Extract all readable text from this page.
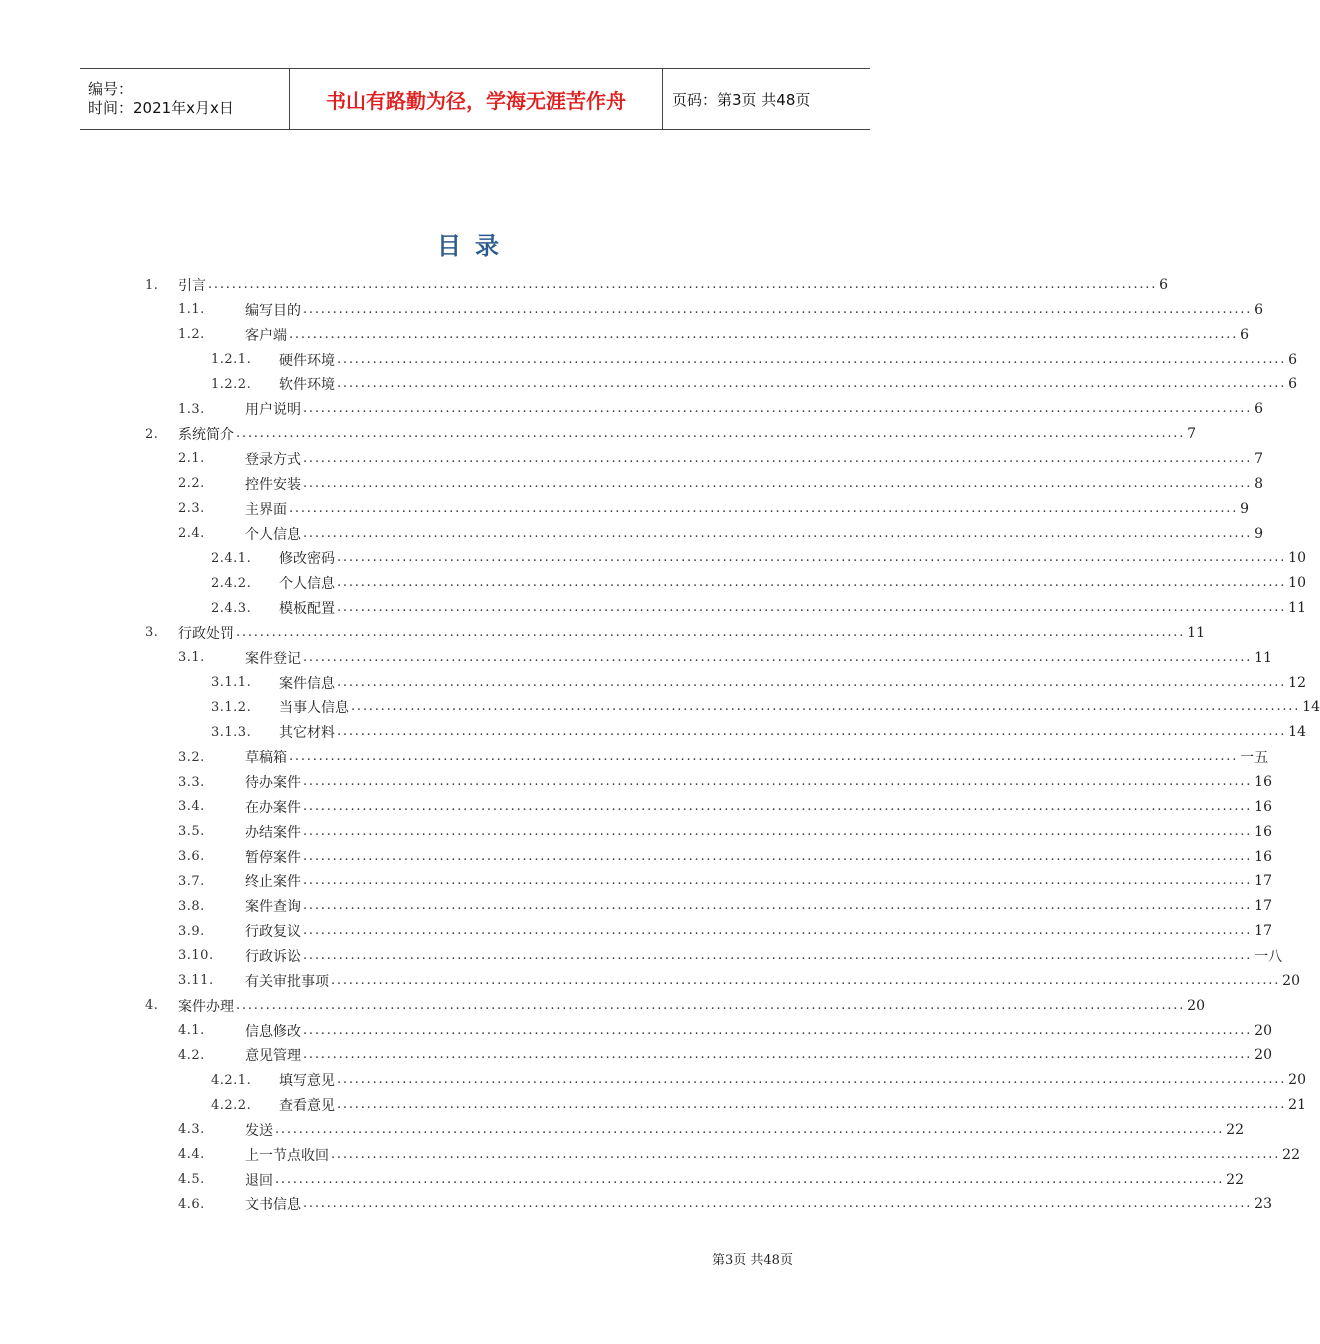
编号：
时间：2021年x月x日	书山有路勤为径，学海无涯苦作舟	页码：第3页 共48页
目录
1. 引言 ................................................................................................................................................................ 6
1.1.	编写目的 ................................................................................................................................................................ 6
1.2.	客户端 ................................................................................................................................................................ 6
1.2.1. 硬件环境 ................................................................................................................................................................ 6
1.2.2. 软件环境 ................................................................................................................................................................ 6
1.3.	用户说明 ................................................................................................................................................................ 6
2. 系统简介 ................................................................................................................................................................ 7
2.1.	登录方式 ................................................................................................................................................................ 7
2.2.	控件安装 ................................................................................................................................................................ 8
2.3.	主界面 ................................................................................................................................................................ 9
2.4.	个人信息 ................................................................................................................................................................ 9
2.4.1. 修改密码 ................................................................................................................................................................ 10
2.4.2. 个人信息 ................................................................................................................................................................ 10
2.4.3. 模板配置 ................................................................................................................................................................ 11
3. 行政处罚 ................................................................................................................................................................ 11
3.1.	案件登记 ................................................................................................................................................................ 11
3.1.1. 案件信息 ................................................................................................................................................................ 12
3.1.2. 当事人信息 ................................................................................................................................................................ 14
3.1.3. 其它材料 ................................................................................................................................................................ 14
3.2.	草稿箱 ................................................................................................................................................................ 一五
3.3.	待办案件 ................................................................................................................................................................ 16
3.4.	在办案件 ................................................................................................................................................................ 16
3.5.	办结案件 ................................................................................................................................................................ 16
3.6.	暂停案件 ................................................................................................................................................................ 16
3.7.	终止案件 ................................................................................................................................................................ 17
3.8.	案件查询 ................................................................................................................................................................ 17
3.9.	行政复议 ................................................................................................................................................................ 17
3.10. 行政诉讼 ................................................................................................................................................................ 一八
3.11. 有关审批事项 ................................................................................................................................................................ 20
4. 案件办理 ................................................................................................................................................................ 20
4.1.	信息修改 ................................................................................................................................................................ 20
4.2.	意见管理 ................................................................................................................................................................ 20
4.2.1. 填写意见 ................................................................................................................................................................ 20
4.2.2. 查看意见 ................................................................................................................................................................ 21
4.3.	发送 ................................................................................................................................................................ 22
4.4.	上一节点收回 ................................................................................................................................................................ 22
4.5.	退回 ................................................................................................................................................................ 22
4.6.	文书信息 ................................................................................................................................................................ 23
第3页 共48页
